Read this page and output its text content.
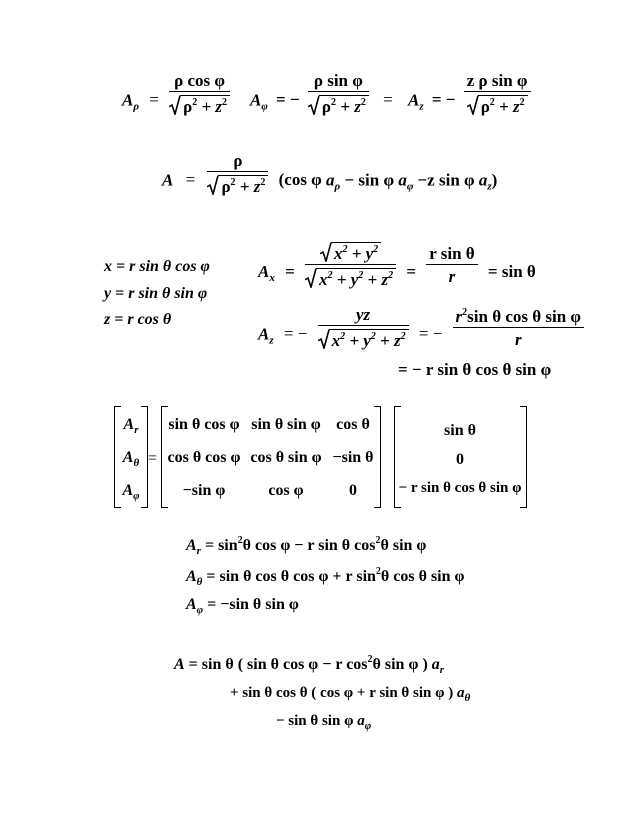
$A_\rho = \frac{\text{ρ cos φ}}{\rho^2 + z^2} A_\varphi$ = − $\frac{\text{ρ sin φ}}{\rho^2 + z^2} = A_z$ = − $\frac{\text{z ρ sin φ}}{\rho^2 + z^2}$
$A = \frac{\rho}{\rho^2 + z^2} (\cos$ φ $a_\rho - \sin \varphi$ $a_\varphi -z$ sin φ $a_z$)
x = r sin θ cos φ
y = r sin θ sin φ
z = r cos θ
$A_x = \frac{x^2 + y^2}{x^2 + y^2 + z^2} = \frac{\text{r sin θ}}{r} = \sin \theta$
$A_z$ = − $\frac{yz}{x^2 + y^2 + z^2}$ = − $\frac{r^2\sin \theta \cos \theta \sin \varphi}{r}$
= − r sin θ cos θ sin φ
$A_r$
$A_\theta$
$A_\varphi$
=
sin θ cos φ sin θ sin φ cos θ
cos θ cos φ cos θ sin φ −sin θ
−sin φ	cos φ	0
sin θ
0
− r sin θ cos θ sin φ
$A_r = \sin^2\theta$ cos φ − r sin θ $\cos^2\theta$ sin φ
$A_\theta = \sin \theta$ cos θ cos φ + r $\sin^2\theta$ cos θ sin φ
$A_\varphi = -\sin$ θ sin φ
A = sin θ ( sin θ cos φ − r $\cos^2\theta$ sin φ ) $a_r$
+ sin θ cos θ ( cos φ + r sin θ sin φ ) $a_\theta$
− sin θ sin φ $a_\varphi$
